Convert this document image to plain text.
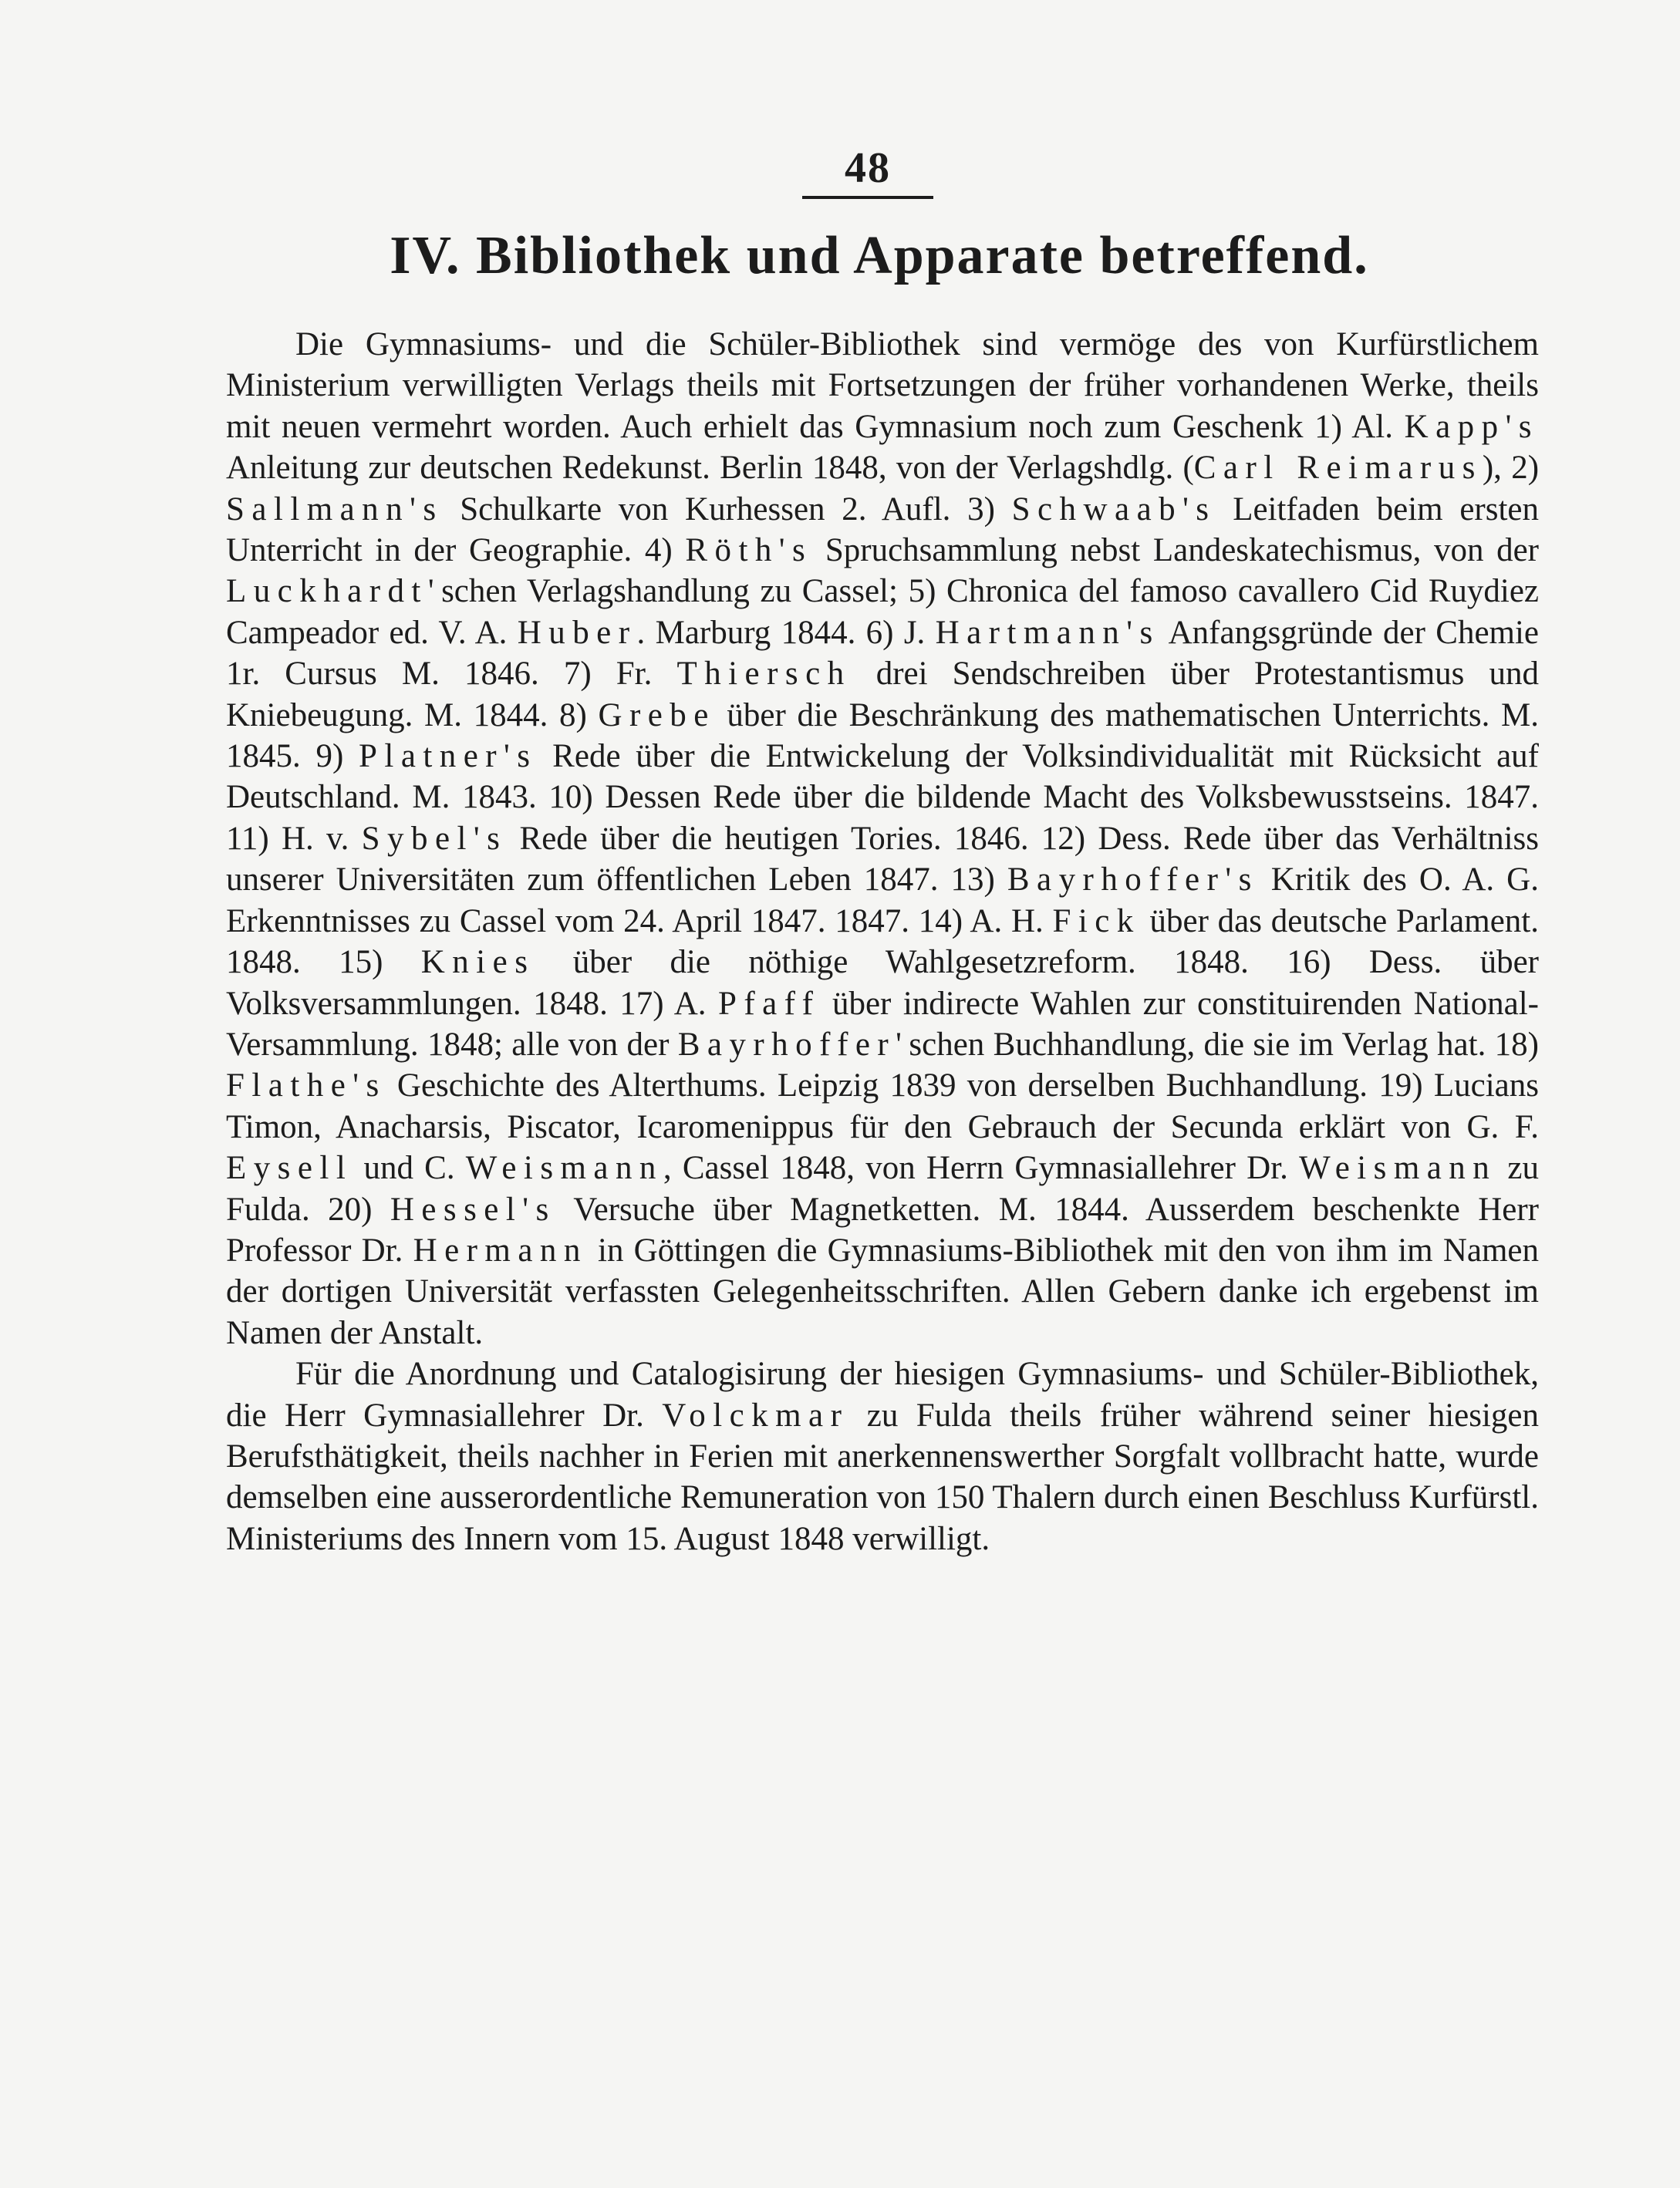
48
IV. Bibliothek und Apparate betreffend.

Die Gymnasiums- und die Schüler-Bibliothek sind vermöge des von Kurfürstlichem Ministerium verwilligten Verlags theils mit Fortsetzungen der früher vorhandenen Werke, theils mit neuen vermehrt worden. Auch erhielt das Gymnasium noch zum Geschenk 1) Al. Kapp's Anleitung zur deutschen Redekunst. Berlin 1848, von der Verlagshdlg. (Carl Reimarus), 2) Sallmann's Schulkarte von Kurhessen 2. Aufl. 3) Schwaab's Leitfaden beim ersten Unterricht in der Geographie. 4) Röth's Spruchsammlung nebst Landeskatechismus, von der Luckhardt'schen Verlagshandlung zu Cassel; 5) Chronica del famoso cavallero Cid Ruydiez Campeador ed. V. A. Huber. Marburg 1844. 6) J. Hartmann's Anfangsgründe der Chemie 1r. Cursus M. 1846. 7) Fr. Thiersch drei Sendschreiben über Protestantismus und Kniebeugung. M. 1844. 8) Grebe über die Beschränkung des mathematischen Unterrichts. M. 1845. 9) Platner's Rede über die Entwickelung der Volksindividualität mit Rücksicht auf Deutschland. M. 1843. 10) Dessen Rede über die bildende Macht des Volksbewusstseins. 1847. 11) H. v. Sybel's Rede über die heutigen Tories. 1846. 12) Dess. Rede über das Verhältniss unserer Universitäten zum öffentlichen Leben 1847. 13) Bayrhoffer's Kritik des O. A. G. Erkenntnisses zu Cassel vom 24. April 1847. 1847. 14) A. H. Fick über das deutsche Parlament. 1848. 15) Knies über die nöthige Wahlgesetzreform. 1848. 16) Dess. über Volksversammlungen. 1848. 17) A. Pfaff über indirecte Wahlen zur constituirenden National-Versammlung. 1848; alle von der Bayrhoffer'schen Buchhandlung, die sie im Verlag hat. 18) Flathe's Geschichte des Alterthums. Leipzig 1839 von derselben Buchhandlung. 19) Lucians Timon, Anacharsis, Piscator, Icaromenippus für den Gebrauch der Secunda erklärt von G. F. Eysell und C. Weismann, Cassel 1848, von Herrn Gymnasiallehrer Dr. Weismann zu Fulda. 20) Hessel's Versuche über Magnetketten. M. 1844. Ausserdem beschenkte Herr Professor Dr. Hermann in Göttingen die Gymnasiums-Bibliothek mit den von ihm im Namen der dortigen Universität verfassten Gelegenheitsschriften. Allen Gebern danke ich ergebenst im Namen der Anstalt.

Für die Anordnung und Catalogisirung der hiesigen Gymnasiums- und Schüler-Bibliothek, die Herr Gymnasiallehrer Dr. Volckmar zu Fulda theils früher während seiner hiesigen Berufsthätigkeit, theils nachher in Ferien mit anerkennenswerther Sorgfalt vollbracht hatte, wurde demselben eine ausserordentliche Remuneration von 150 Thalern durch einen Beschluss Kurfürstl. Ministeriums des Innern vom 15. August 1848 verwilligt.
